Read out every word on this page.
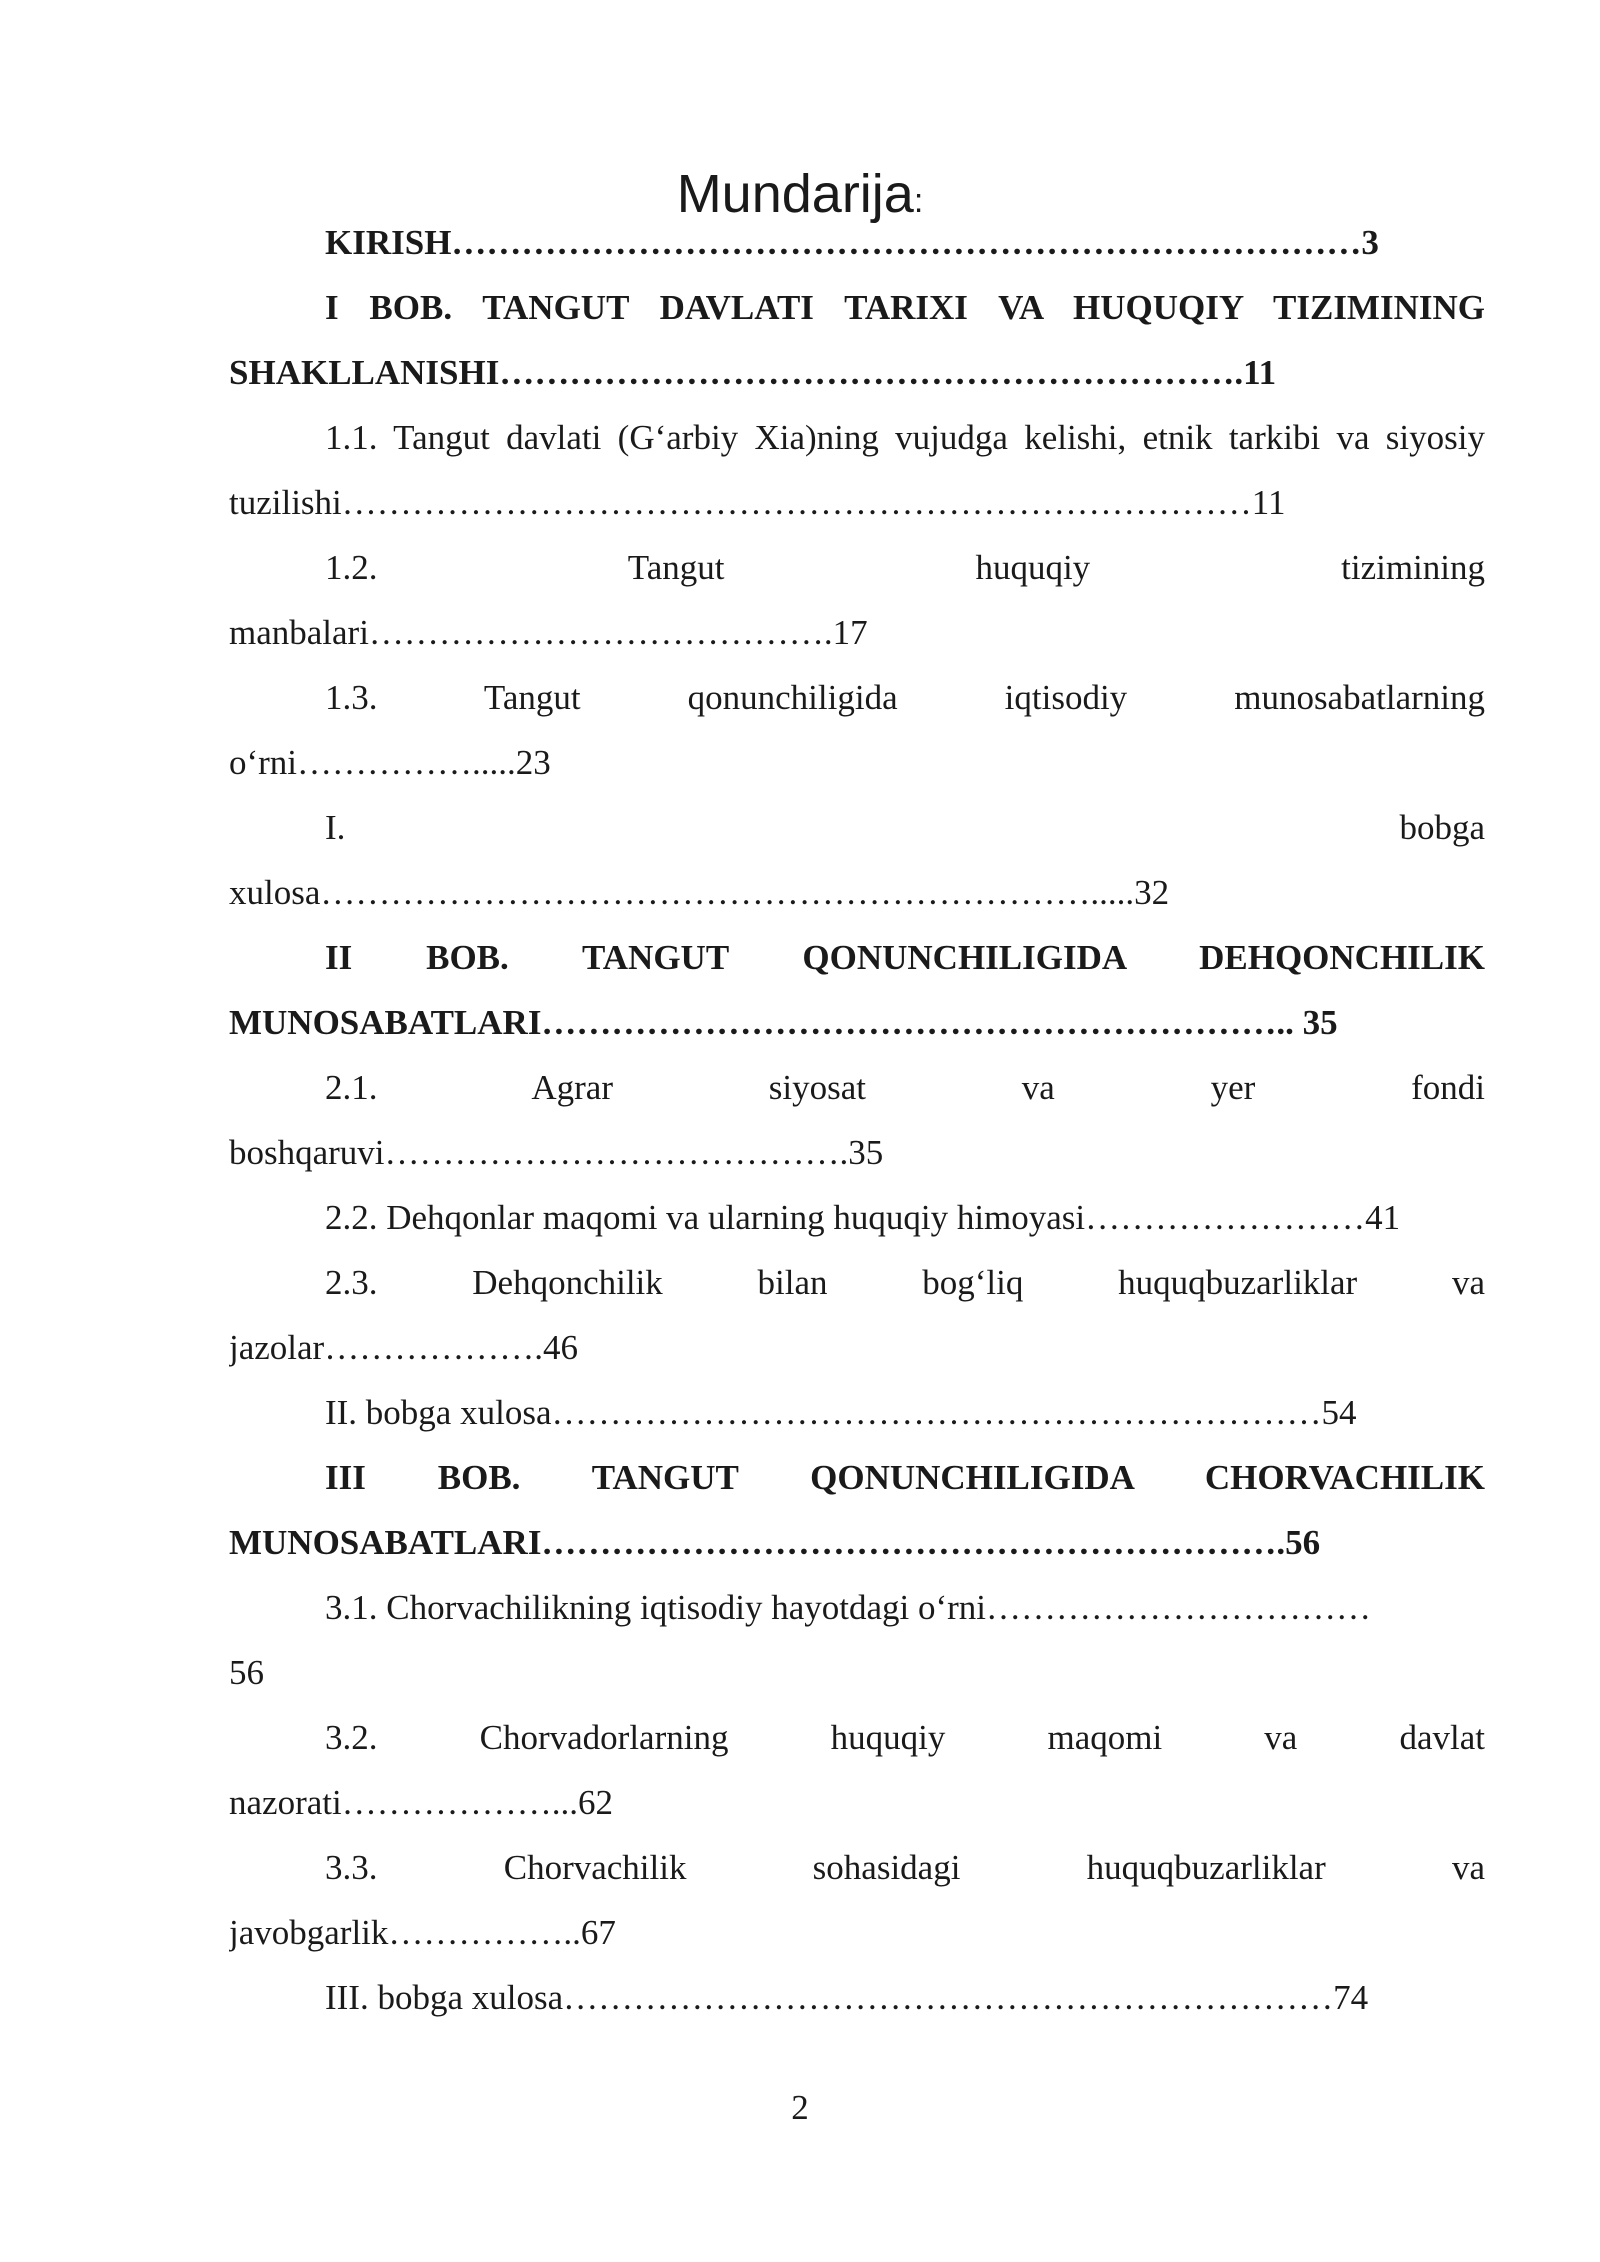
Mundarija:
KIRISH……………………………………………………………………3
I BOB. TANGUT DAVLATI TARIXI VA HUQUQIY TIZIMINING
SHAKLLANISHI……………………………………………………….11
1.1. Tangut davlati (G‘arbiy Xia)ning vujudga kelishi, etnik tarkibi va siyosiy
tuzilishi……………………………………………………………………11
1.2. Tangut huquqiy tizimining
manbalari………………………………….17
1.3. Tangut qonunchiligida iqtisodiy munosabatlarning
o‘rni…………….....23
I. bobga
xulosa………………………………………………………….....32
II BOB. TANGUT QONUNCHILIGIDA DEHQONCHILIK
MUNOSABATLARI……………………………………………………….. 35
2.1. Agrar siyosat va yer fondi
boshqaruvi………………………………….35
2.2. Dehqonlar maqomi va ularning huquqiy himoyasi……………………41
2.3. Dehqonchilik bilan bog‘liq huquqbuzarliklar va
jazolar……………….46
II. bobga xulosa…………………………………………………………54
III BOB. TANGUT QONUNCHILIGIDA CHORVACHILIK
MUNOSABATLARI……………………………………………………….56
3.1. Chorvachilikning iqtisodiy hayotdagi o‘rni……………………………
56
3.2. Chorvadorlarning huquqiy maqomi va davlat
nazorati………………...62
3.3. Chorvachilik sohasidagi huquqbuzarliklar va
javobgarlik……………..67
III. bobga xulosa…………………………………………………………74
2
